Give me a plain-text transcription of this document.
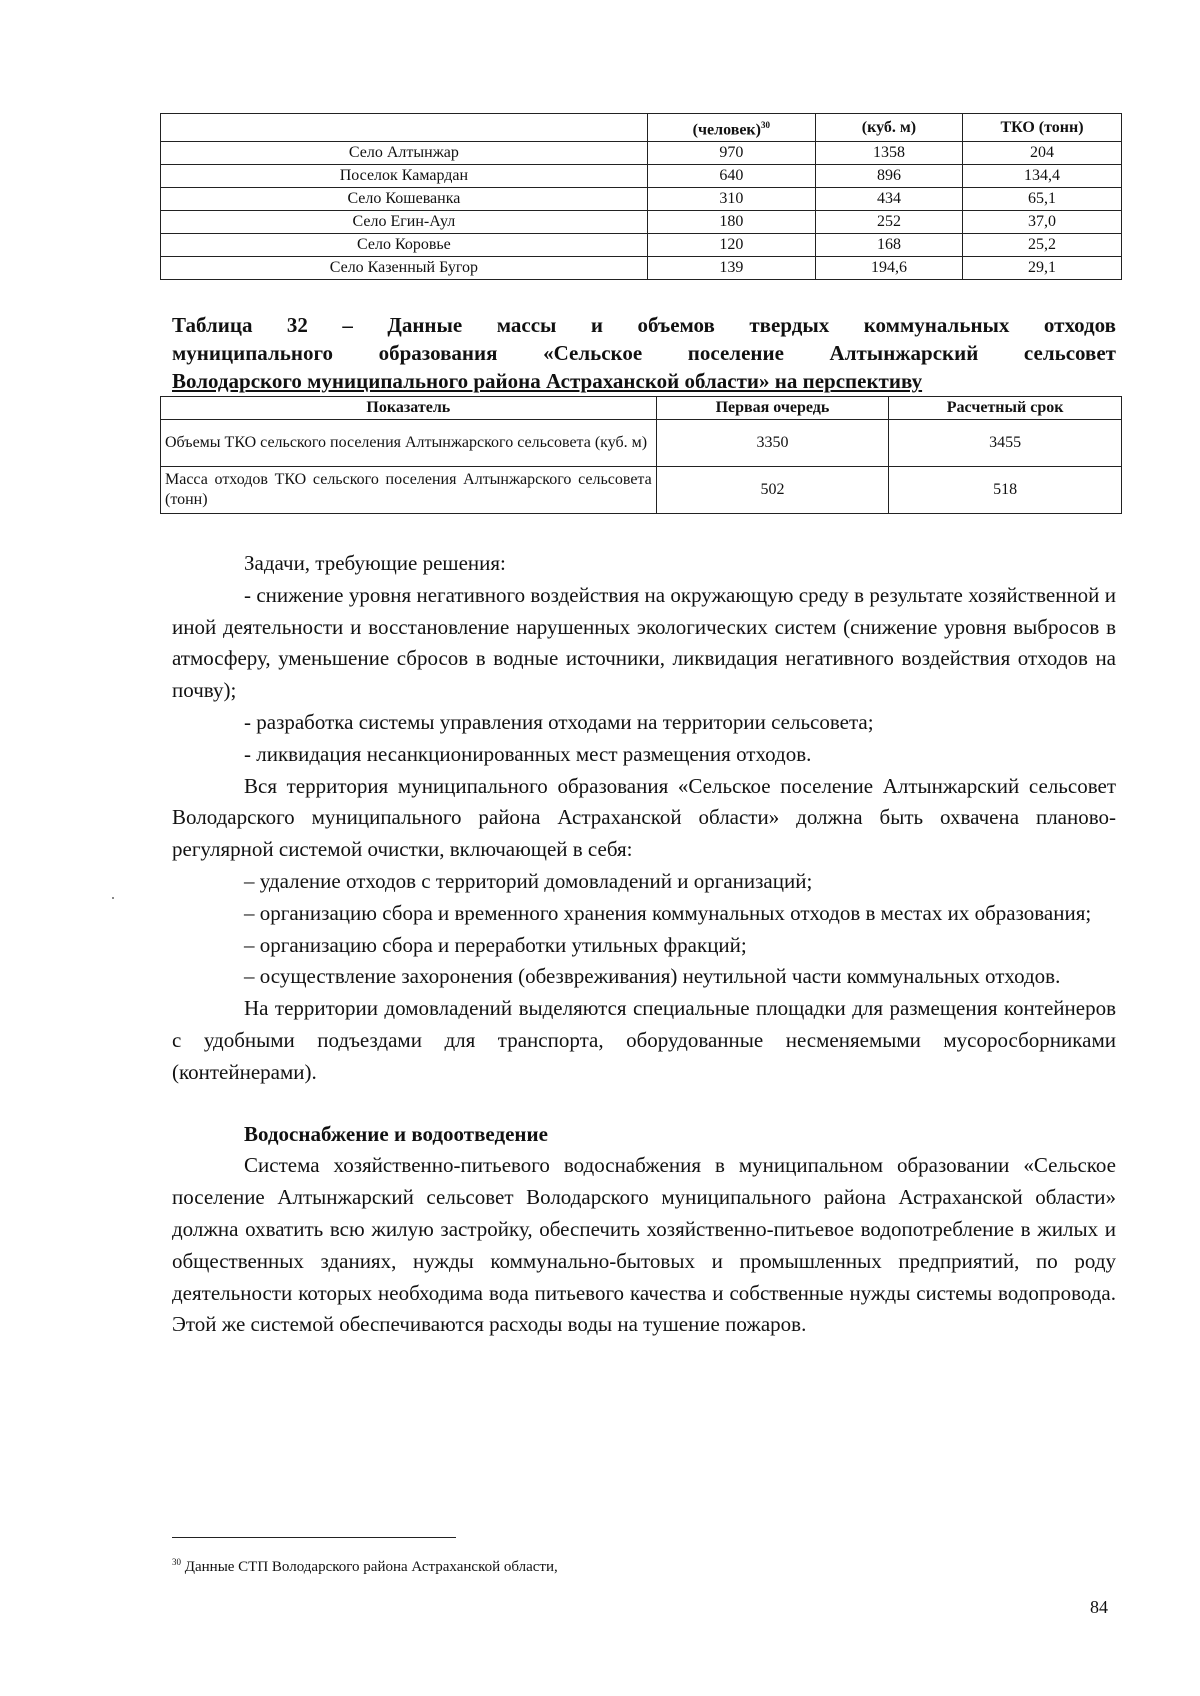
	(человек)$^{30}$	(куб. м)	ТКО (тонн)
Село Алтынжар	970	1358	204
Поселок Камардан	640	896	134,4
Село Кошеванка	310	434	65,1
Село Егин-Аул	180	252	37,0
Село Коровье	120	168	25,2
Село Казенный Бугор	139	194,6	29,1
Таблица 32 – Данные массы и объемов твердых коммунальных отходов
муниципального образования «Сельское поселение Алтынжарский сельсовет
Володарского муниципального района Астраханской области» на перспективу
Показатель	Первая очередь	Расчетный срок
Объемы ТКО сельского поселения Алтынжарского сельсовета (куб. м)	3350	3455
Масса отходов ТКО сельского поселения Алтынжарского сельсовета (тонн)	502	518

Задачи, требующие решения:

- снижение уровня негативного воздействия на окружающую среду в результате хозяйственной и иной деятельности и восстановление нарушенных экологических систем (снижение уровня выбросов в атмосферу, уменьшение сбросов в водные источники, ликвидация негативного воздействия отходов на почву);

- разработка системы управления отходами на территории сельсовета;

- ликвидация несанкционированных мест размещения отходов.

Вся территория муниципального образования «Сельское поселение Алтынжарский сельсовет Володарского муниципального района Астраханской области» должна быть охвачена планово-регулярной системой очистки, включающей в себя:

– удаление отходов с территорий домовладений и организаций;

– организацию сбора и временного хранения коммунальных отходов в местах их образования;

– организацию сбора и переработки утильных фракций;

– осуществление захоронения (обезвреживания) неутильной части коммунальных отходов.

На территории домовладений выделяются специальные площадки для размещения контейнеров с удобными подъездами для транспорта, оборудованные несменяемыми мусоросборниками (контейнерами).

Водоснабжение и водоотведение

Система хозяйственно-питьевого водоснабжения в муниципальном образовании «Сельское поселение Алтынжарский сельсовет Володарского муниципального района Астраханской области» должна охватить всю жилую застройку, обеспечить хозяйственно-питьевое водопотребление в жилых и общественных зданиях, нужды коммунально-бытовых и промышленных предприятий, по роду деятельности которых необходима вода питьевого качества и собственные нужды системы водопровода. Этой же системой обеспечиваются расходы воды на тушение пожаров.

$^{30}$ Данные СТП Володарского района Астраханской области,
84
